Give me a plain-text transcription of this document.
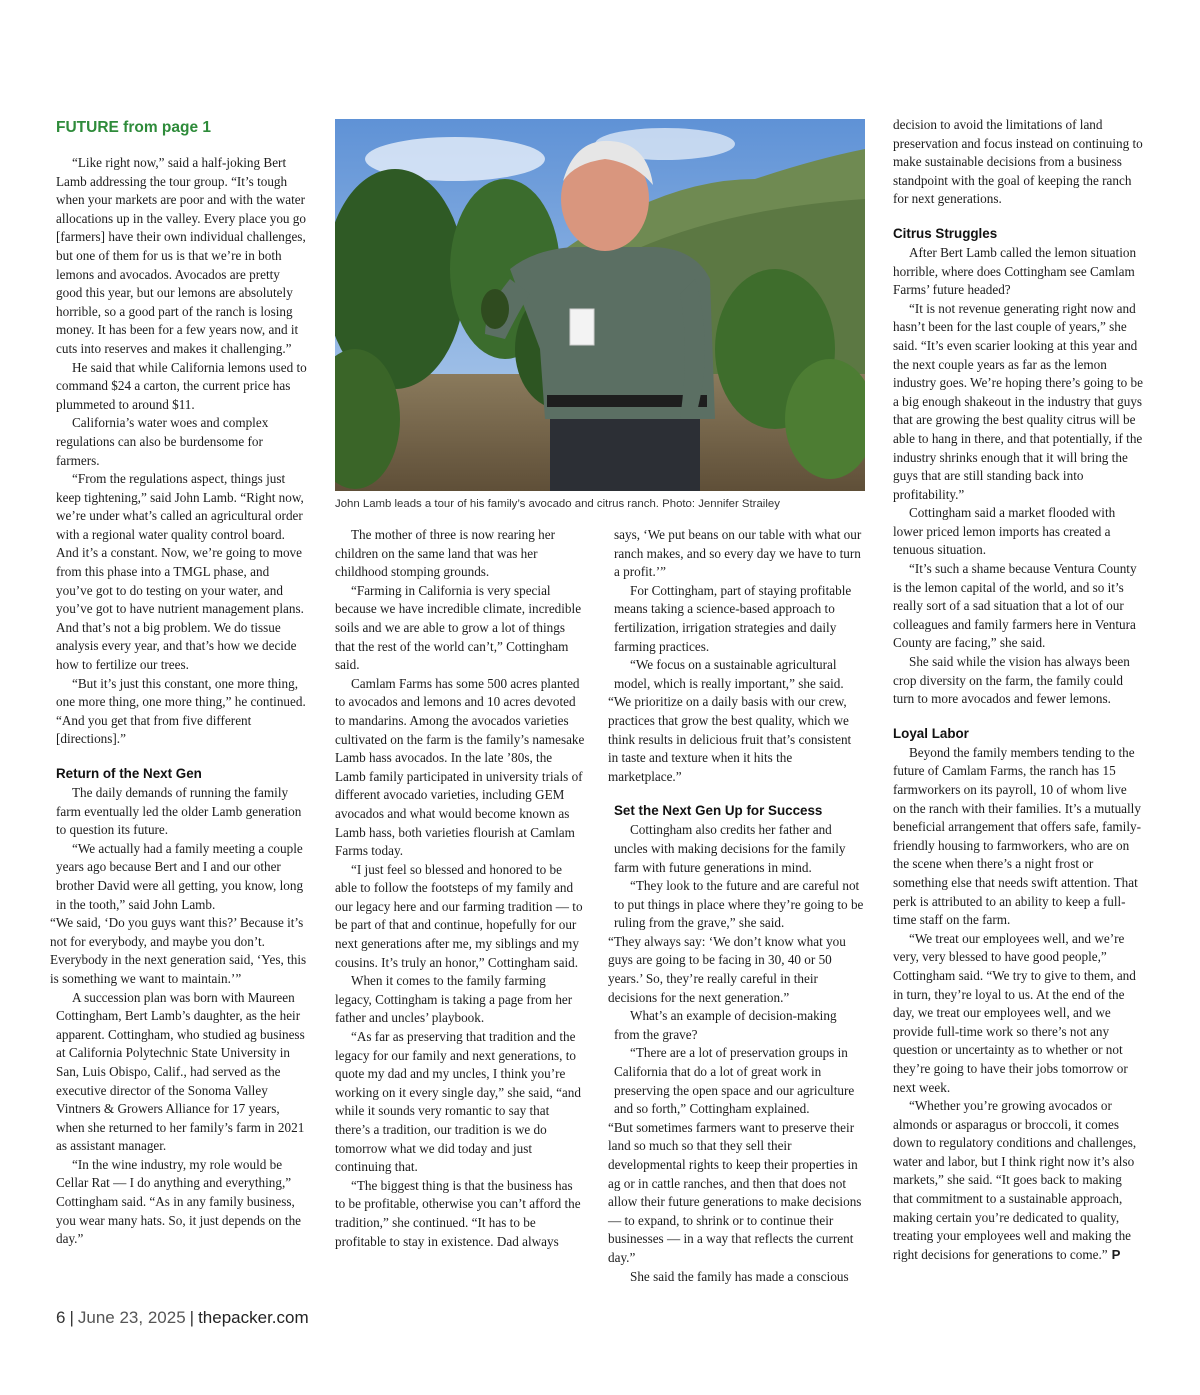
FUTURE from page 1

“Like right now,” said a half-joking Bert Lamb addressing the tour group. “It’s tough when your markets are poor and with the water allocations up in the valley. Every place you go [farmers] have their own individual challenges, but one of them for us is that we’re in both lemons and avocados. Avocados are pretty good this year, but our lemons are absolutely horrible, so a good part of the ranch is losing money. It has been for a few years now, and it cuts into reserves and makes it challenging.”

He said that while California lemons used to command $24 a carton, the current price has plummeted to around $11.

California’s water woes and complex regulations can also be burdensome for farmers.

“From the regulations aspect, things just keep tightening,” said John Lamb. “Right now, we’re under what’s called an agricultural order with a regional water quality control board. And it’s a constant. Now, we’re going to move from this phase into a TMGL phase, and you’ve got to do testing on your water, and you’ve got to have nutrient management plans. And that’s not a big problem. We do tissue analysis every year, and that’s how we decide how to fertilize our trees.

“But it’s just this constant, one more thing, one more thing, one more thing,” he continued. “And you get that from five different [directions].”

Return of the Next Gen

The daily demands of running the family farm eventually led the older Lamb generation to question its future.

“We actually had a family meeting a couple years ago because Bert and I and our other brother David were all getting, you know, long in the tooth,” said John Lamb.

“We said, ‘Do you guys want this?’ Because it’s not for everybody, and maybe you don’t. Everybody in the next generation said, ‘Yes, this is something we want to maintain.’”

A succession plan was born with Maureen Cottingham, Bert Lamb’s daughter, as the heir apparent. Cottingham, who studied ag business at California Polytechnic State University in San, Luis Obispo, Calif., had served as the executive director of the Sonoma Valley Vintners & Growers Alliance for 17 years, when she returned to her family’s farm in 2021 as assistant manager.

“In the wine industry, my role would be Cellar Rat — I do anything and everything,” Cottingham said. “As in any family business, you wear many hats. So, it just depends on the day.”

John Lamb leads a tour of his family’s avocado and citrus ranch. Photo: Jennifer Strailey

The mother of three is now rearing her children on the same land that was her childhood stomping grounds.

“Farming in California is very special because we have incredible climate, incredible soils and we are able to grow a lot of things that the rest of the world can’t,” Cottingham said.

Camlam Farms has some 500 acres planted to avocados and lemons and 10 acres devoted to mandarins. Among the avocados varieties cultivated on the farm is the family’s namesake Lamb hass avocados. In the late ’80s, the Lamb family participated in university trials of different avocado varieties, including GEM avocados and what would become known as Lamb hass, both varieties flourish at Camlam Farms today.

“I just feel so blessed and honored to be able to follow the footsteps of my family and our legacy here and our farming tradition — to be part of that and continue, hopefully for our next generations after me, my siblings and my cousins. It’s truly an honor,” Cottingham said.

When it comes to the family farming legacy, Cottingham is taking a page from her father and uncles’ playbook.

“As far as preserving that tradition and the legacy for our family and next generations, to quote my dad and my uncles, I think you’re working on it every single day,” she said, “and while it sounds very romantic to say that there’s a tradition, our tradition is we do tomorrow what we did today and just continuing that.

“The biggest thing is that the business has to be profitable, otherwise you can’t afford the tradition,” she continued. “It has to be profitable to stay in existence. Dad always

says, ‘We put beans on our table with what our ranch makes, and so every day we have to turn a profit.’”

For Cottingham, part of staying profitable means taking a science-based approach to fertilization, irrigation strategies and daily farming practices.

“We focus on a sustainable agricultural model, which is really important,” she said.

“We prioritize on a daily basis with our crew, practices that grow the best quality, which we think results in delicious fruit that’s consistent in taste and texture when it hits the marketplace.”

Set the Next Gen Up for Success

Cottingham also credits her father and uncles with making decisions for the family farm with future generations in mind.

“They look to the future and are careful not to put things in place where they’re going to be ruling from the grave,” she said.

“They always say: ‘We don’t know what you guys are going to be facing in 30, 40 or 50 years.’ So, they’re really careful in their decisions for the next generation.”

What’s an example of decision-making from the grave?

“There are a lot of preservation groups in California that do a lot of great work in preserving the open space and our agriculture and so forth,” Cottingham explained.

“But sometimes farmers want to preserve their land so much so that they sell their developmental rights to keep their properties in ag or in cattle ranches, and then that does not allow their future generations to make decisions — to expand, to shrink or to continue their businesses — in a way that reflects the current day.”

She said the family has made a conscious

decision to avoid the limitations of land preservation and focus instead on continuing to make sustainable decisions from a business standpoint with the goal of keeping the ranch for next generations.

Citrus Struggles

After Bert Lamb called the lemon situation horrible, where does Cottingham see Camlam Farms’ future headed?

“It is not revenue generating right now and hasn’t been for the last couple of years,” she said. “It’s even scarier looking at this year and the next couple years as far as the lemon industry goes. We’re hoping there’s going to be a big enough shakeout in the industry that guys that are growing the best quality citrus will be able to hang in there, and that potentially, if the industry shrinks enough that it will bring the guys that are still standing back into profitability.”

Cottingham said a market flooded with lower priced lemon imports has created a tenuous situation.

“It’s such a shame because Ventura County is the lemon capital of the world, and so it’s really sort of a sad situation that a lot of our colleagues and family farmers here in Ventura County are facing,” she said.

She said while the vision has always been crop diversity on the farm, the family could turn to more avocados and fewer lemons.

Loyal Labor

Beyond the family members tending to the future of Camlam Farms, the ranch has 15 farmworkers on its payroll, 10 of whom live on the ranch with their families. It’s a mutually beneficial arrangement that offers safe, family-friendly housing to farmworkers, who are on the scene when there’s a night frost or something else that needs swift attention. That perk is attributed to an ability to keep a full-time staff on the farm.

“We treat our employees well, and we’re very, very blessed to have good people,” Cottingham said. “We try to give to them, and in turn, they’re loyal to us. At the end of the day, we treat our employees well, and we provide full-time work so there’s not any question or uncertainty as to whether or not they’re going to have their jobs tomorrow or next week.

“Whether you’re growing avocados or almonds or asparagus or broccoli, it comes down to regulatory conditions and challenges, water and labor, but I think right now it’s also markets,” she said. “It goes back to making that commitment to a sustainable approach, making certain you’re dedicated to quality, treating your employees well and making the right decisions for generations to come.” P

6 | June 23, 2025 | thepacker.com
